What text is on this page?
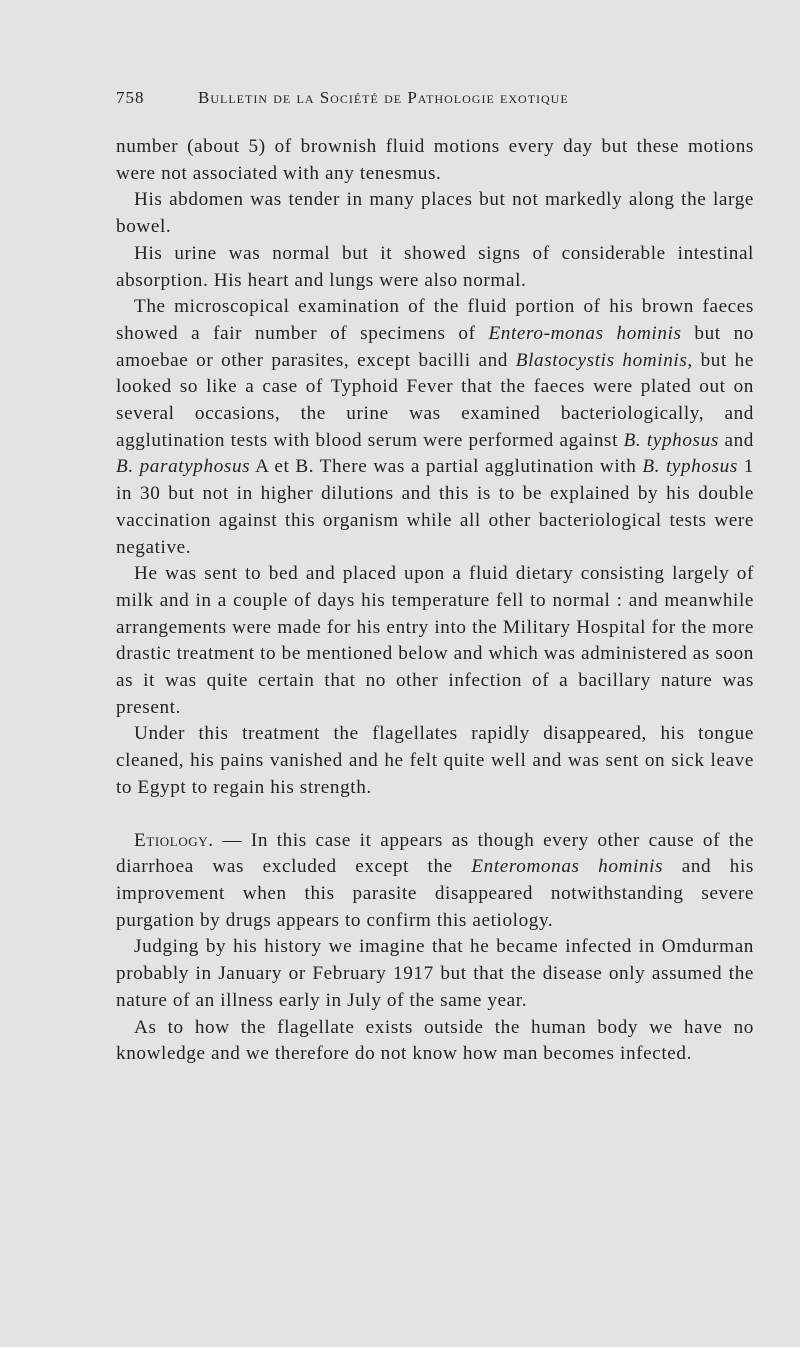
758	Bulletin de la Société de Pathologie exotique

number (about 5) of brownish fluid motions every day but these motions were not associated with any tenesmus.

His abdomen was tender in many places but not markedly along the large bowel.

His urine was normal but it showed signs of considerable intestinal absorption. His heart and lungs were also normal.

The microscopical examination of the fluid portion of his brown faeces showed a fair number of specimens of Entero-monas hominis but no amoebae or other parasites, except bacilli and Blastocystis hominis, but he looked so like a case of Typhoid Fever that the faeces were plated out on several occasions, the urine was examined bacteriologically, and agglutination tests with blood serum were performed against B. typhosus and B. paratyphosus A et B. There was a partial agglutination with B. typhosus 1 in 30 but not in higher dilutions and this is to be explained by his double vaccination against this organism while all other bacteriological tests were negative.

He was sent to bed and placed upon a fluid dietary consisting largely of milk and in a couple of days his temperature fell to normal : and meanwhile arrangements were made for his entry into the Military Hospital for the more drastic treatment to be mentioned below and which was administered as soon as it was quite certain that no other infection of a bacillary nature was present.

Under this treatment the flagellates rapidly disappeared, his tongue cleaned, his pains vanished and he felt quite well and was sent on sick leave to Egypt to regain his strength.

Etiology. — In this case it appears as though every other cause of the diarrhoea was excluded except the Enteromonas hominis and his improvement when this parasite disappeared notwithstanding severe purgation by drugs appears to confirm this aetiology.

Judging by his history we imagine that he became infected in Omdurman probably in January or February 1917 but that the disease only assumed the nature of an illness early in July of the same year.

As to how the flagellate exists outside the human body we have no knowledge and we therefore do not know how man becomes infected.
